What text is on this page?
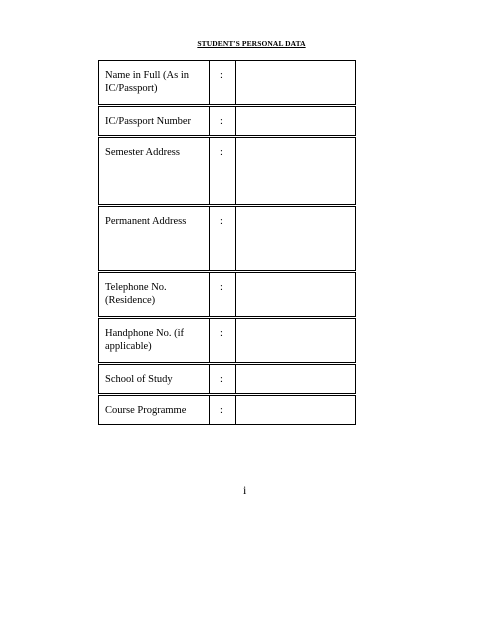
STUDENT'S PERSONAL DATA
Name in Full (As in IC/Passport)	:	

IC/Passport Number	:	

Semester Address	:	

Permanent Address	:	

Telephone No. (Residence)	:	

Handphone No. (if applicable)	:	

School of Study	:	

Course Programme	:	
i
